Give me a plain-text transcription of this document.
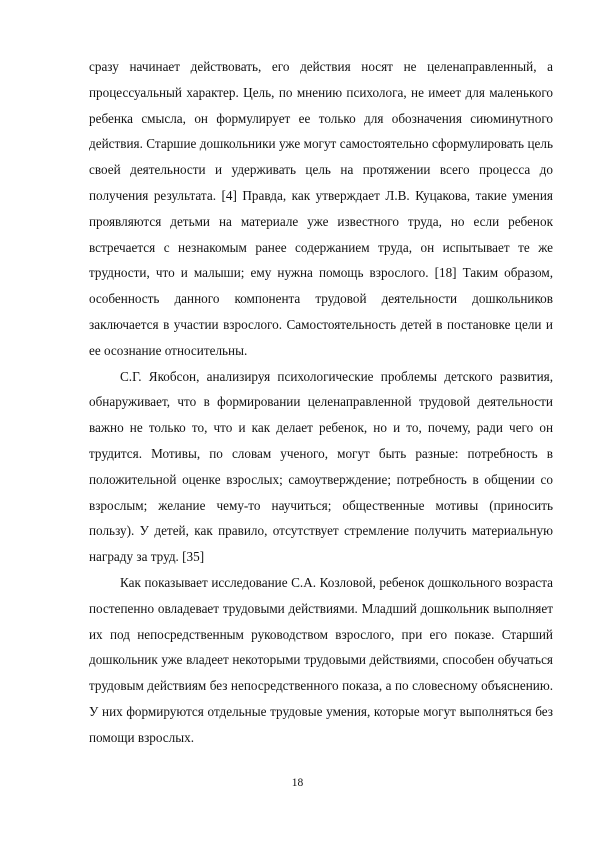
сразу начинает действовать, его действия носят не целенаправленный, а процессуальный характер. Цель, по мнению психолога, не имеет для маленького ребенка смысла, он формулирует ее только для обозначения сиюминутного действия. Старшие дошкольники уже могут самостоятельно сформулировать цель своей деятельности и удерживать цель на протяжении всего процесса до получения результата. [4] Правда, как утверждает Л.В. Куцакова, такие умения проявляются детьми на материале уже известного труда, но если ребенок встречается с незнакомым ранее содержанием труда, он испытывает те же трудности, что и малыши; ему нужна помощь взрослого. [18] Таким образом, особенность данного компонента трудовой деятельности дошкольников заключается в участии взрослого. Самостоятельность детей в постановке цели и ее осознание относительны.

С.Г. Якобсон, анализируя психологические проблемы детского развития, обнаруживает, что в формировании целенаправленной трудовой деятельности важно не только то, что и как делает ребенок, но и то, почему, ради чего он трудится. Мотивы, по словам ученого, могут быть разные: потребность в положительной оценке взрослых; самоутверждение; потребность в общении со взрослым; желание чему-то научиться; общественные мотивы (приносить пользу). У детей, как правило, отсутствует стремление получить материальную награду за труд. [35]

Как показывает исследование С.А. Козловой, ребенок дошкольного возраста постепенно овладевает трудовыми действиями. Младший дошкольник выполняет их под непосредственным руководством взрослого, при его показе. Старший дошкольник уже владеет некоторыми трудовыми действиями, способен обучаться трудовым действиям без непосредственного показа, а по словесному объяснению. У них формируются отдельные трудовые умения, которые могут выполняться без помощи взрослых.

18
